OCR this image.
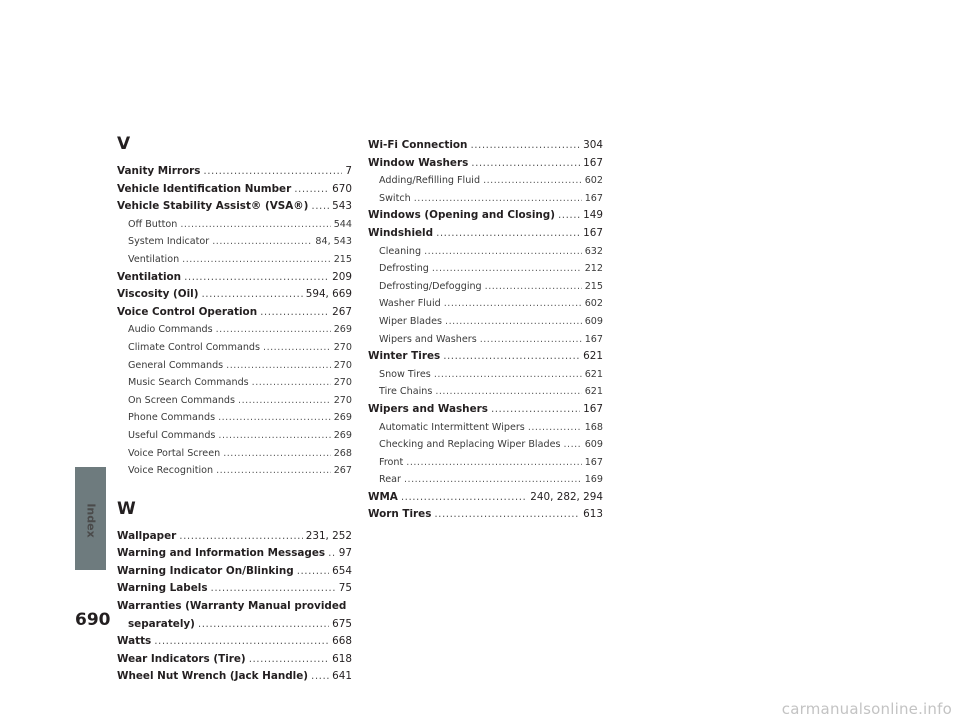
Index
690
V
Vanity Mirrors .....	7
Vehicle Identification Number .....	670
Vehicle Stability Assist® (VSA®) ..... 543
Off Button .....	544
System Indicator .....	84, 543
Ventilation .....	215
Ventilation .....	209
Viscosity (Oil) .....	594, 669
Voice Control Operation .....	267
Audio Commands .....	269
Climate Control Commands .....	270
General Commands .....	270
Music Search Commands .....	270
On Screen Commands .....	270
Phone Commands .....	269
Useful Commands .....	269
Voice Portal Screen .....	268
Voice Recognition .....	267
W
Wallpaper .....	231, 252
Warning and Information Messages ..... 97
Warning Indicator On/Blinking .....	654
Warning Labels .....	75
Warranties (Warranty Manual provided
separately) .....	675
Watts .....	668
Wear Indicators (Tire) .....	618
Wheel Nut Wrench (Jack Handle) ..... 641
Wi-Fi Connection .....	304
Window Washers .....	167
Adding/Refilling Fluid .....	602
Switch .....	167
Windows (Opening and Closing) .....	149
Windshield .....	167
Cleaning .....	632
Defrosting .....	212
Defrosting/Defogging .....	215
Washer Fluid .....	602
Wiper Blades .....	609
Wipers and Washers .....	167
Winter Tires .....	621
Snow Tires .....	621
Tire Chains .....	621
Wipers and Washers .....	167
Automatic Intermittent Wipers .....	168
Checking and Replacing Wiper Blades .....	609
Front .....	167
Rear .....	169
WMA .....	240, 282, 294
Worn Tires .....	613
carmanualsonline.info
